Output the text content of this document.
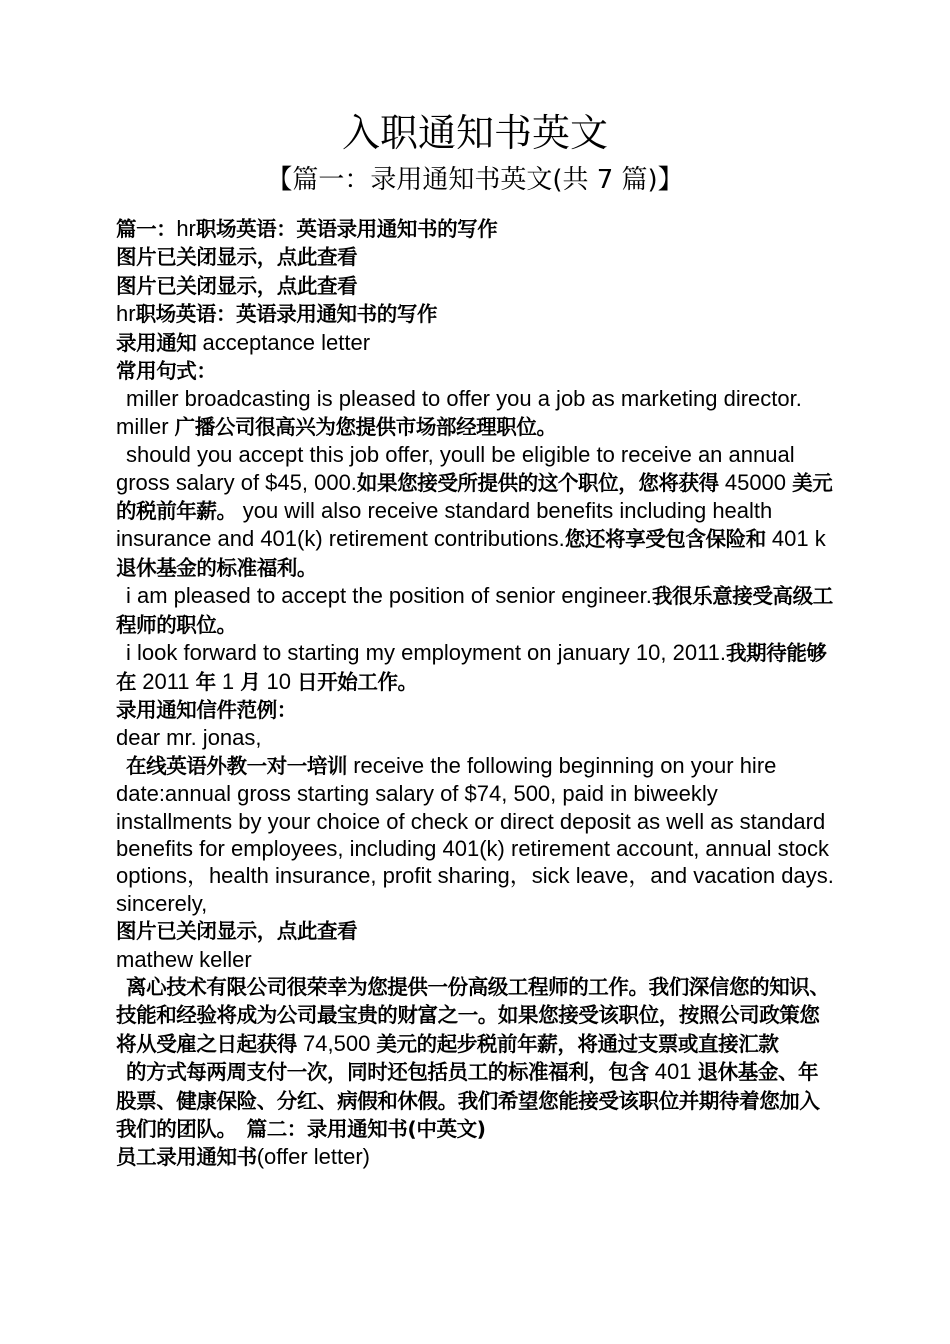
入职通知书英文
【篇一：录用通知书英文(共 7 篇)】

篇一：hr职场英语：英语录用通知书的写作

图片已关闭显示，点此查看

图片已关闭显示，点此查看

hr职场英语：英语录用通知书的写作

录用通知 acceptance letter

常用句式：

miller broadcasting is pleased to offer you a job as marketing director. miller 广播公司很高兴为您提供市场部经理职位。

should you accept this job offer, youll be eligible to receive an annual gross salary of $45, 000.如果您接受所提供的这个职位，您将获得 45000 美元的税前年薪。 you will also receive standard benefits including health insurance and 401(k) retirement contributions.您还将享受包含保险和 401 k 退休基金的标准福利。

i am pleased to accept the position of senior engineer.我很乐意接受高级工程师的职位。

i look forward to starting my employment on january 10, 2011.我期待能够在 2011 年 1 月 10 日开始工作。

录用通知信件范例：

dear mr. jonas,

在线英语外教一对一培训 receive the following beginning on your hire date:annual gross starting salary of $74, 500, paid in biweekly installments by your choice of check or direct deposit as well as standard benefits for employees, including 401(k) retirement account, annual stock options，health insurance, profit sharing，sick leave，and vacation days.

sincerely,

图片已关闭显示，点此查看

mathew keller

离心技术有限公司很荣幸为您提供一份高级工程师的工作。我们深信您的知识、技能和经验将成为公司最宝贵的财富之一。如果您接受该职位，按照公司政策您将从受雇之日起获得 74,500 美元的起步税前年薪，将通过支票或直接汇款

的方式每两周支付一次，同时还包括员工的标准福利，包含 401 退休基金、年股票、健康保险、分红、病假和休假。我们希望您能接受该职位并期待着您加入我们的团队。 篇二：录用通知书(中英文)

员工录用通知书(offer letter)
